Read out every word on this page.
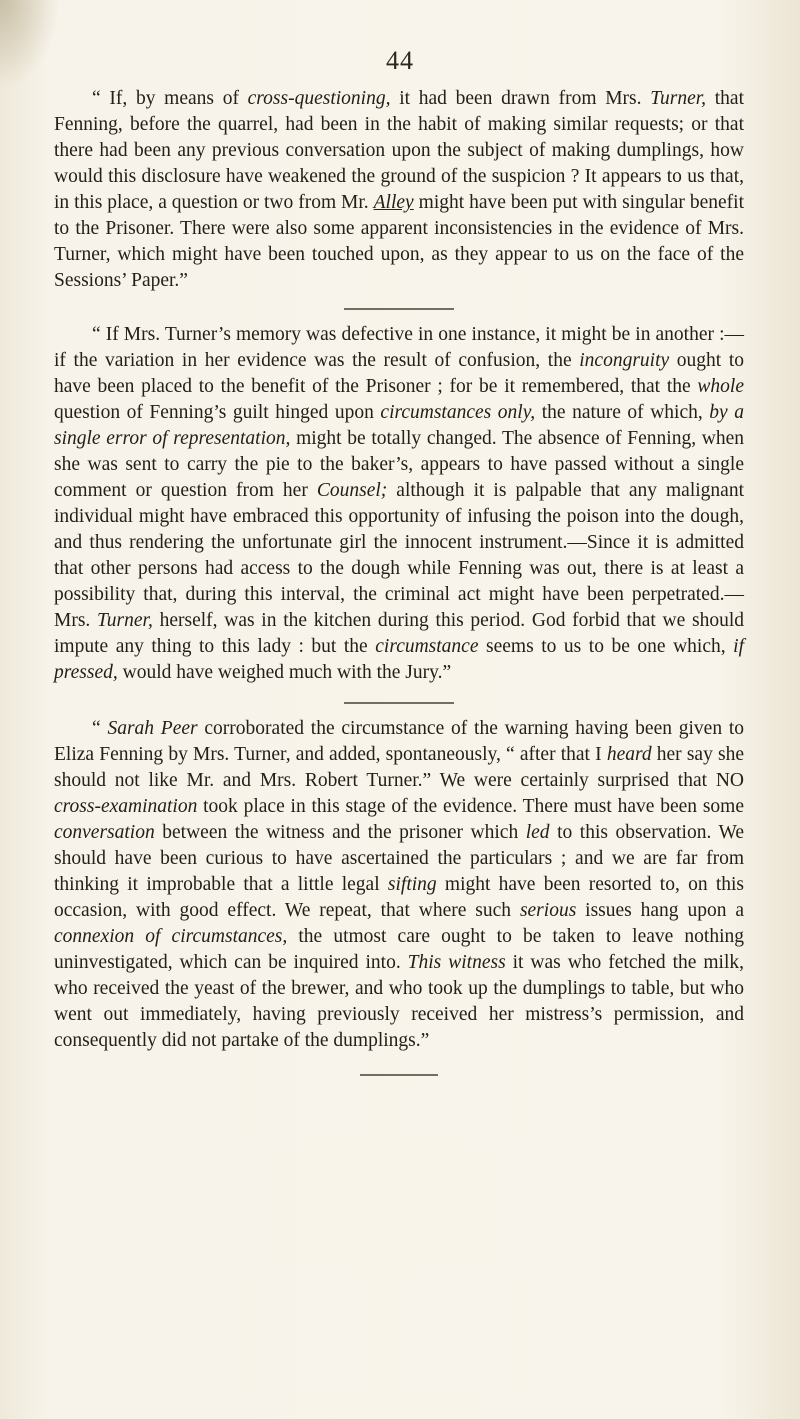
44

“ If, by means of cross-questioning, it had been drawn from Mrs. Turner, that Fenning, before the quarrel, had been in the habit of making similar requests; or that there had been any previous conversation upon the subject of making dumplings, how would this disclosure have weakened the ground of the suspicion ? It appears to us that, in this place, a question or two from Mr. Alley might have been put with singular benefit to the Prisoner. There were also some apparent inconsistencies in the evidence of Mrs. Turner, which might have been touched upon, as they appear to us on the face of the Sessions’ Paper.”

“ If Mrs. Turner’s memory was defective in one instance, it might be in another :—if the variation in her evidence was the result of confusion, the incongruity ought to have been placed to the benefit of the Prisoner ; for be it remembered, that the whole question of Fenning’s guilt hinged upon circumstances only, the nature of which, by a single error of representation, might be totally changed. The absence of Fenning, when she was sent to carry the pie to the baker’s, appears to have passed without a single comment or question from her Counsel; although it is palpable that any malignant individual might have embraced this opportunity of infusing the poison into the dough, and thus rendering the unfortunate girl the innocent instrument.—Since it is admitted that other persons had access to the dough while Fenning was out, there is at least a possibility that, during this interval, the criminal act might have been perpetrated.—Mrs. Turner, herself, was in the kitchen during this period. God forbid that we should impute any thing to this lady : but the circumstance seems to us to be one which, if pressed, would have weighed much with the Jury.”

“ Sarah Peer corroborated the circumstance of the warning having been given to Eliza Fenning by Mrs. Turner, and added, spontaneously, “ after that I heard her say she should not like Mr. and Mrs. Robert Turner.” We were certainly surprised that NO cross-examination took place in this stage of the evidence. There must have been some conversation between the witness and the prisoner which led to this observation. We should have been curious to have ascertained the particulars ; and we are far from thinking it improbable that a little legal sifting might have been resorted to, on this occasion, with good effect. We repeat, that where such serious issues hang upon a connexion of circumstances, the utmost care ought to be taken to leave nothing uninvestigated, which can be inquired into. This witness it was who fetched the milk, who received the yeast of the brewer, and who took up the dumplings to table, but who went out immediately, having previously received her mistress’s permission, and consequently did not partake of the dumplings.”
